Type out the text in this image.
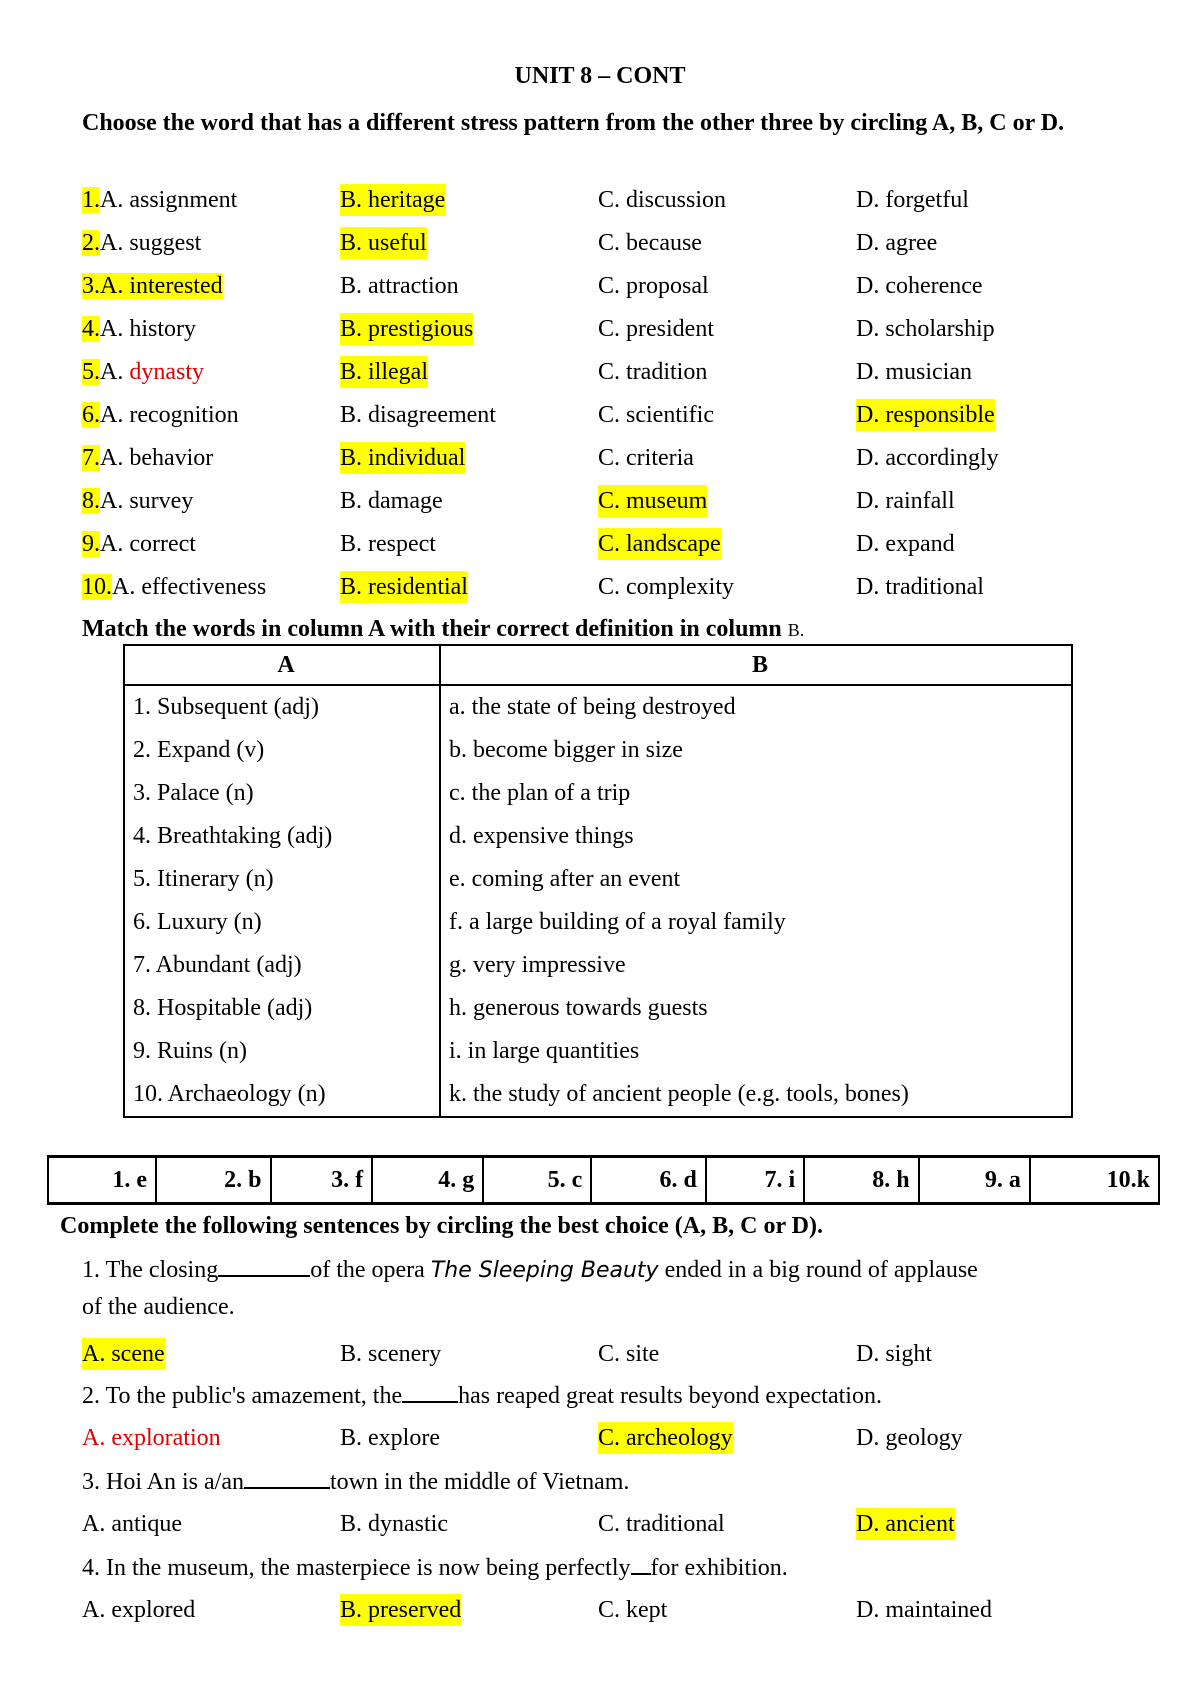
UNIT 8 – CONT
Choose the word that has a different stress pattern from the other three by circling A, B, C or D.
1.A. assignment	B. heritage	C. discussion	D. forgetful
2.A. suggest	B. useful	C. because	D. agree
3.A. interested	B. attraction	C. proposal	D. coherence
4.A. history	B. prestigious	C. president	D. scholarship
5.A. dynasty	B. illegal	C. tradition	D. musician
6.A. recognition	B. disagreement	C. scientific	D. responsible
7.A. behavior	B. individual	C. criteria	D. accordingly
8.A. survey	B. damage	C. museum	D. rainfall
9.A. correct	B. respect	C. landscape	D. expand
10.A. effectiveness	B. residential	C. complexity	D. traditional
Match the words in column A with their correct definition in column B.
A	B
1. Subsequent (adj)	a. the state of being destroyed
2. Expand (v)	b. become bigger in size
3. Palace (n)	c. the plan of a trip
4. Breathtaking (adj)	d. expensive things
5. Itinerary (n)	e. coming after an event
6. Luxury (n)	f. a large building of a royal family
7. Abundant (adj)	g. very impressive
8. Hospitable (adj)	h. generous towards guests
9. Ruins (n)	i. in large quantities
10. Archaeology (n)	k. the study of ancient people (e.g. tools, bones)
1. e	2. b	3. f	4. g	5. c	6. d	7. i	8. h	9. a	10.k
Complete the following sentences by circling the best choice (A, B, C or D).
1. The closing	of the opera The Sleeping Beauty ended in a big round of applause
of the audience.
A. scene	B. scenery	C. site	D. sight
2. To the public's amazement, the has reaped great results beyond expectation.
A. exploration	B. explore	C. archeology	D. geology
3. Hoi An is a/an	town in the middle of Vietnam.
A. antique	B. dynastic	C. traditional	D. ancient
4. In the museum, the masterpiece is now being perfectly for exhibition.
A. explored	B. preserved	C. kept	D. maintained
